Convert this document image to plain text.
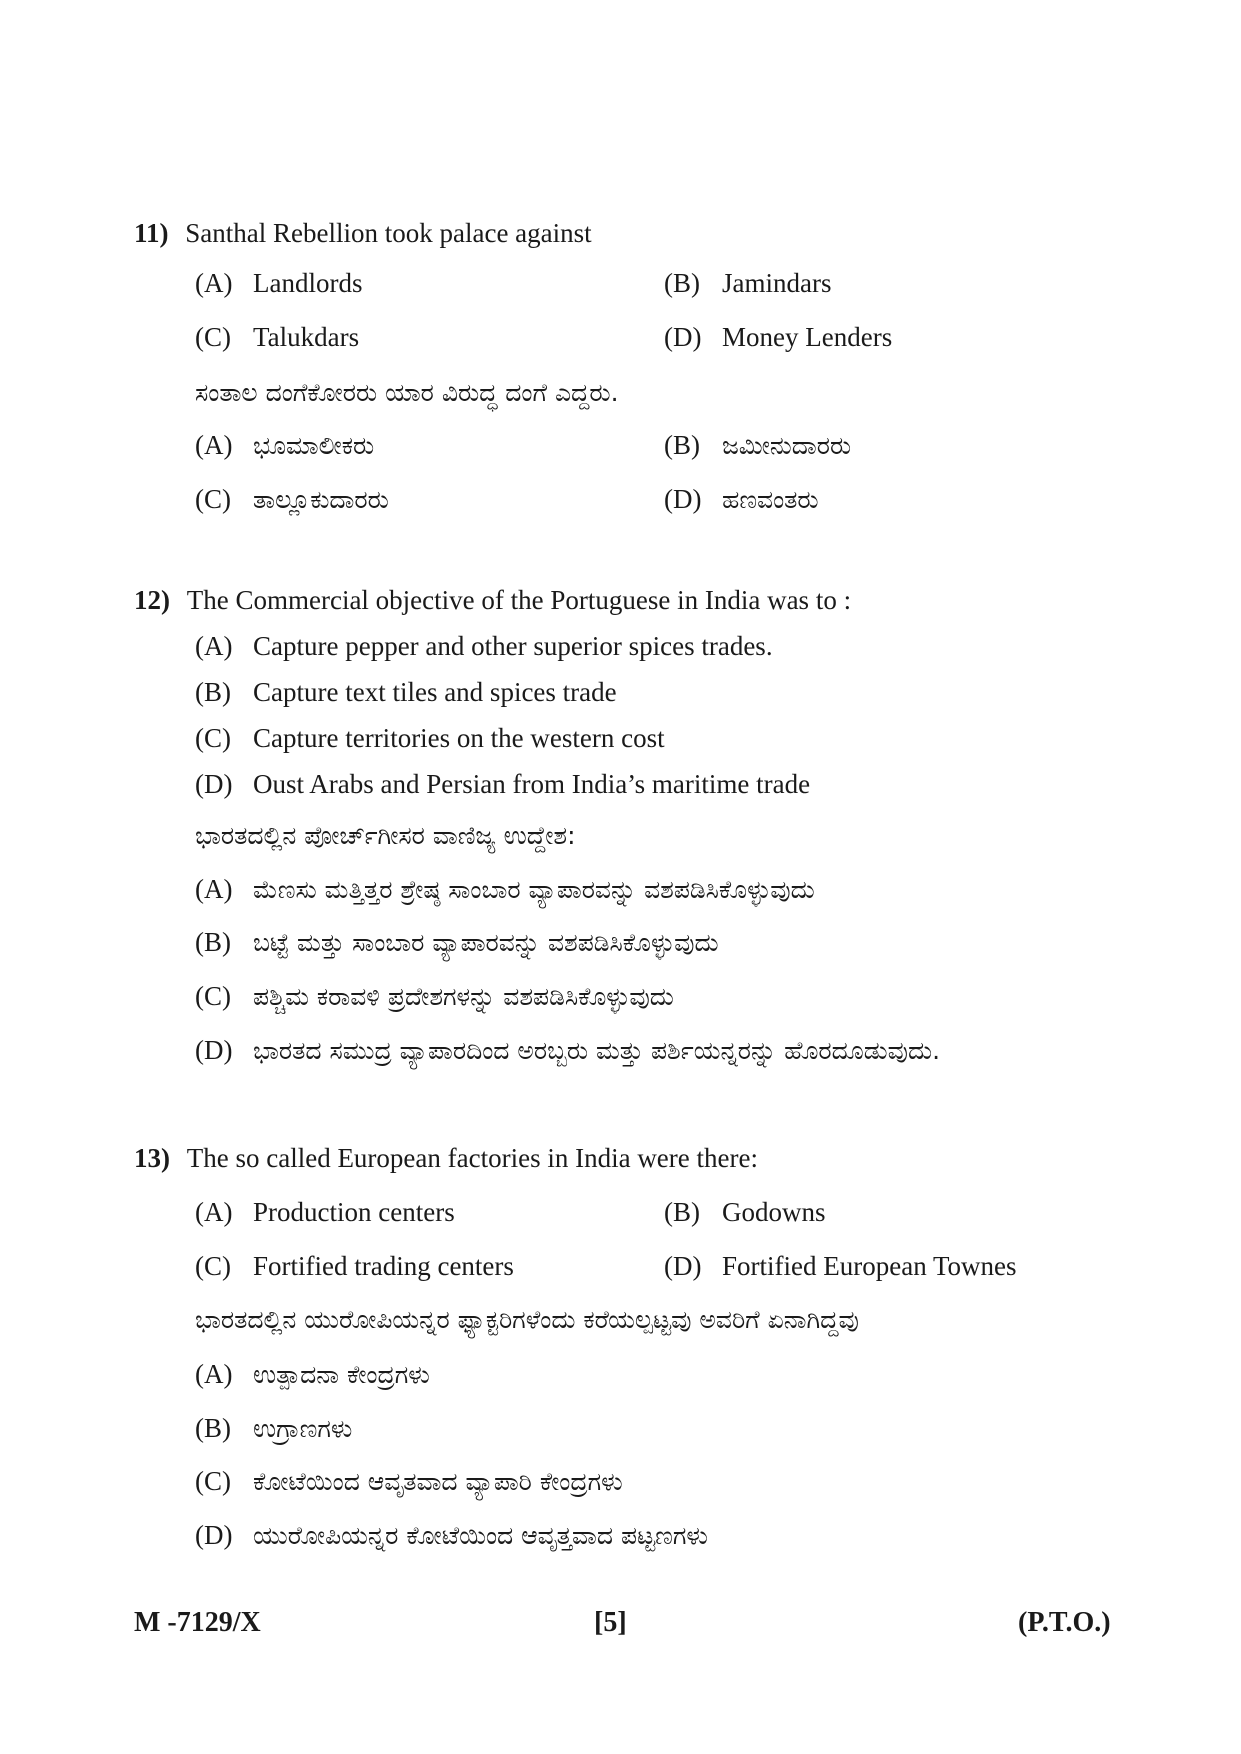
11) Santhal Rebellion took palace against
(A) Landlords	(B) Jamindars
(C) Talukdars	(D) Money Lenders
ಸಂತಾಲ ದಂಗೆಕೋರರು ಯಾರ ವಿರುದ್ಧ ದಂಗೆ ಎದ್ದರು.
(A) ಭೂಮಾಲೀಕರು	(B) ಜಮೀನುದಾರರು
(C) ತಾಲ್ಲೂಕುದಾರರು	(D) ಹಣವಂತರು
12) The Commercial objective of the Portuguese in India was to :
(A) Capture pepper and other superior spices trades.
(B) Capture text tiles and spices trade
(C) Capture territories on the western cost
(D) Oust Arabs and Persian from India’s maritime trade
ಭಾರತದಲ್ಲಿನ ಪೋರ್ಚ್‌ಗೀಸರ ವಾಣಿಜ್ಯ ಉದ್ದೇಶ:
(A) ಮೆಣಸು ಮತ್ತಿತ್ತರ ಶ್ರೇಷ್ಠ ಸಾಂಬಾರ ವ್ಯಾಪಾರವನ್ನು ವಶಪಡಿಸಿಕೊಳ್ಳುವುದು
(B) ಬಟ್ಟೆ ಮತ್ತು ಸಾಂಬಾರ ವ್ಯಾಪಾರವನ್ನು ವಶಪಡಿಸಿಕೊಳ್ಳುವುದು
(C) ಪಶ್ಚಿಮ ಕರಾವಳಿ ಪ್ರದೇಶಗಳನ್ನು ವಶಪಡಿಸಿಕೊಳ್ಳುವುದು
(D) ಭಾರತದ ಸಮುದ್ರ ವ್ಯಾಪಾರದಿಂದ ಅರಬ್ಬರು ಮತ್ತು ಪರ್ಶಿಯನ್ನರನ್ನು ಹೊರದೂಡುವುದು.
13) The so called European factories in India were there:
(A) Production centers	(B) Godowns
(C) Fortified trading centers	(D) Fortified European Townes
ಭಾರತದಲ್ಲಿನ ಯುರೋಪಿಯನ್ನರ ಫ್ಯಾಕ್ಟರಿಗಳೆಂದು ಕರೆಯಲ್ಪಟ್ಟವು ಅವರಿಗೆ ಏನಾಗಿದ್ದವು
(A) ಉತ್ಪಾದನಾ ಕೇಂದ್ರಗಳು
(B) ಉಗ್ರಾಣಗಳು
(C) ಕೋಟೆಯಿಂದ ಆವೃತವಾದ ವ್ಯಾಪಾರಿ ಕೇಂದ್ರಗಳು
(D) ಯುರೋಪಿಯನ್ನರ ಕೋಟೆಯಿಂದ ಆವೃತ್ತವಾದ ಪಟ್ಟಣಗಳು
M -7129/X	[5]	(P.T.O.)
